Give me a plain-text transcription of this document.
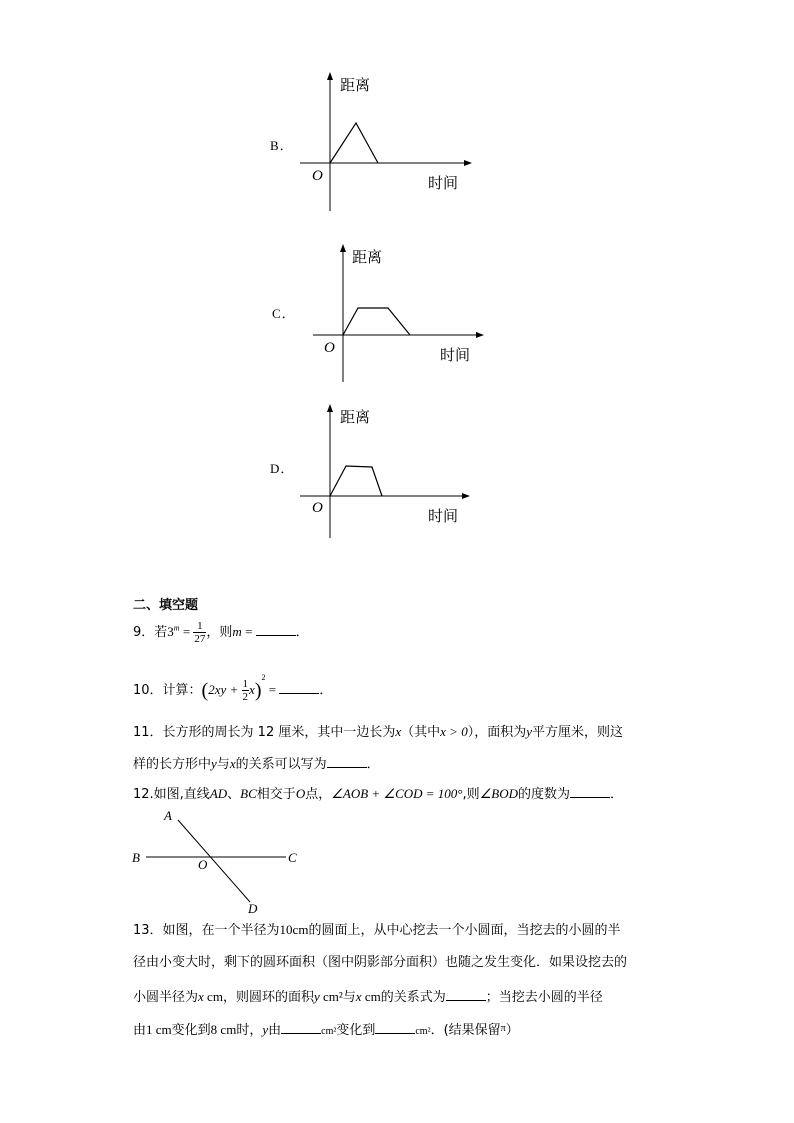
B．
距离
时间
O
C．
距离
时间
O
D．
距离
时间
O
二、填空题
9．若$3^m = \frac{1}{27}$ ，则m =	．
10．计算：$(2xy + \frac{1}{2} x)^2$ =	．
11．长方形的周长为 12 厘米，其中一边长为x（其中x > 0），面积为y平方厘米，则这
样的长方形中y与x的关系可以写为	．
12.如图,直线AD、BC相交于O点，∠AOB + ∠COD = 100°,则∠BOD的度数为	．
A
B	C
D
O
13．如图，在一个半径为10cm的圆面上，从中心挖去一个小圆面，当挖去的小圆的半
径由小变大时，剩下的圆环面积（图中阴影部分面积）也随之发生变化．如果设挖去的
小圆半径为x cm，则圆环的面积y cm²与x cm的关系式为	；当挖去小圆的半径
由1 cm变化到8 cm时，y由	cm²变化到	cm²．(结果保留$^\pi$）
